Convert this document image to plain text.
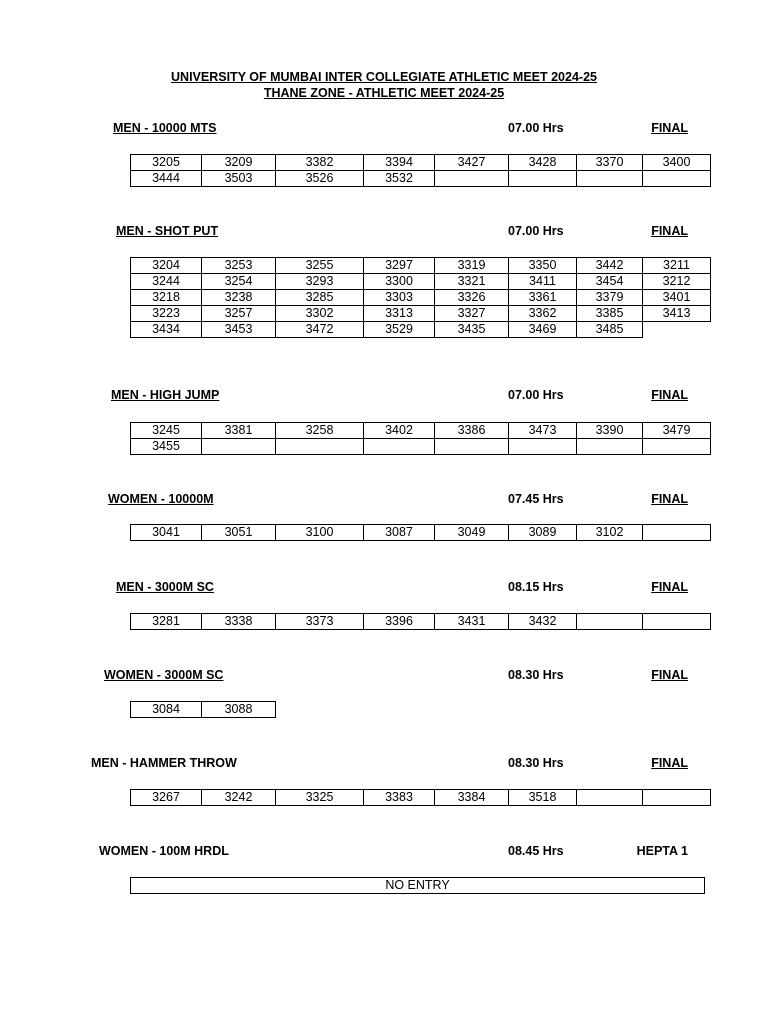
UNIVERSITY OF MUMBAI INTER COLLEGIATE ATHLETIC MEET 2024-25
THANE ZONE - ATHLETIC MEET 2024-25
MEN - 10000 MTS	07.00 Hrs	FINAL
3205	3209	3382	3394	3427	3428	3370	3400
3444	3503	3526	3532				
MEN - SHOT PUT	07.00 Hrs	FINAL
3204	3253	3255	3297	3319	3350	3442	3211
3244	3254	3293	3300	3321	3411	3454	3212
3218	3238	3285	3303	3326	3361	3379	3401
3223	3257	3302	3313	3327	3362	3385	3413
3434	3453	3472	3529	3435	3469	3485	
MEN - HIGH JUMP	07.00 Hrs	FINAL
3245	3381	3258	3402	3386	3473	3390	3479
3455							
WOMEN - 10000M	07.45 Hrs	FINAL
3041	3051	3100	3087	3049	3089	3102	
MEN - 3000M SC	08.15 Hrs	FINAL
3281	3338	3373	3396	3431	3432		
WOMEN - 3000M SC	08.30 Hrs	FINAL
3084	3088
MEN - HAMMER THROW	08.30 Hrs	FINAL
3267	3242	3325	3383	3384	3518		
WOMEN - 100M HRDL	08.45 Hrs	HEPTA 1
NO ENTRY
